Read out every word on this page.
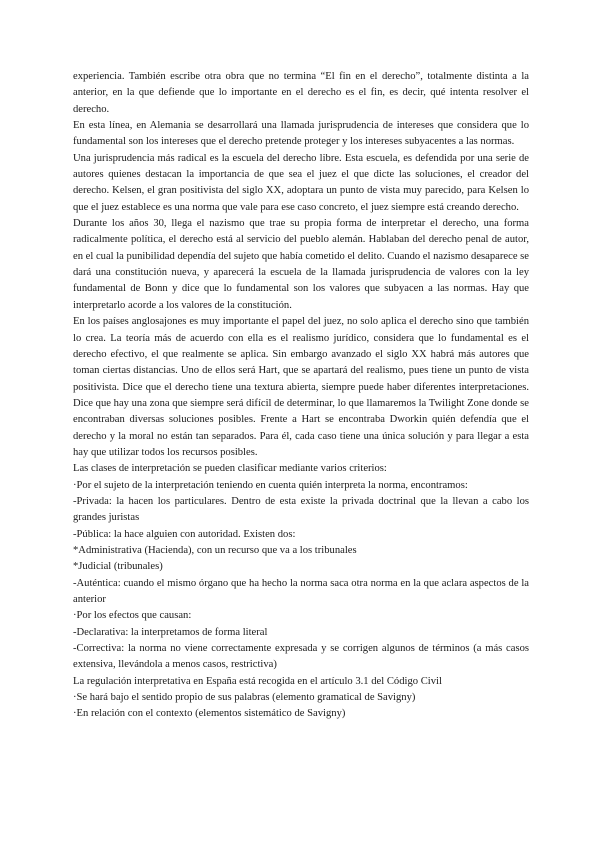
experiencia. También escribe otra obra que no termina “El fin en el derecho”, totalmente distinta a la anterior, en la que defiende que lo importante en el derecho es el fin, es decir, qué intenta resolver el derecho.

En esta línea, en Alemania se desarrollará una llamada jurisprudencia de intereses que considera que lo fundamental son los intereses que el derecho pretende proteger y los intereses subyacentes a las normas.

Una jurisprudencia más radical es la escuela del derecho libre. Esta escuela, es defendida por una serie de autores quienes destacan la importancia de que sea el juez el que dicte las soluciones, el creador del derecho. Kelsen, el gran positivista del siglo XX, adoptara un punto de vista muy parecido, para Kelsen lo que el juez establece es una norma que vale para ese caso concreto, el juez siempre está creando derecho.

Durante los años 30, llega el nazismo que trae su propia forma de interpretar el derecho, una forma radicalmente política, el derecho está al servicio del pueblo alemán. Hablaban del derecho penal de autor, en el cual la punibilidad dependía del sujeto que había cometido el delito. Cuando el nazismo desaparece se dará una constitución nueva, y aparecerá la escuela de la llamada jurisprudencia de valores con la ley fundamental de Bonn y dice que lo fundamental son los valores que subyacen a las normas. Hay que interpretarlo acorde a los valores de la constitución.

En los países anglosajones es muy importante el papel del juez, no solo aplica el derecho sino que también lo crea. La teoría más de acuerdo con ella es el realismo jurídico, considera que lo fundamental es el derecho efectivo, el que realmente se aplica. Sin embargo avanzado el siglo XX habrá más autores que toman ciertas distancias. Uno de ellos será Hart, que se apartará del realismo, pues tiene un punto de vista positivista. Dice que el derecho tiene una textura abierta, siempre puede haber diferentes interpretaciones. Dice que hay una zona que siempre será difícil de determinar, lo que llamaremos la Twilight Zone donde se encontraban diversas soluciones posibles. Frente a Hart se encontraba Dworkin quién defendía que el derecho y la moral no están tan separados. Para él, cada caso tiene una única solución y para llegar a esta hay que utilizar todos los recursos posibles.

Las clases de interpretación se pueden clasificar mediante varios criterios:

·Por el sujeto de la interpretación teniendo en cuenta quién interpreta la norma, encontramos:

-Privada: la hacen los particulares. Dentro de esta existe la privada doctrinal que la llevan a cabo los grandes juristas

-Pública: la hace alguien con autoridad. Existen dos:

*Administrativa (Hacienda), con un recurso que va a los tribunales

*Judicial (tribunales)

-Auténtica: cuando el mismo órgano que ha hecho la norma saca otra norma en la que aclara aspectos de la anterior

·Por los efectos que causan:

-Declarativa: la interpretamos de forma literal

-Correctiva: la norma no viene correctamente expresada y se corrigen algunos de términos (a más casos extensiva, llevándola a menos casos, restrictiva)

La regulación interpretativa en España está recogida en el artículo 3.1 del Código Civil

·Se hará bajo el sentido propio de sus palabras (elemento gramatical de Savigny)

·En relación con el contexto (elementos sistemático de Savigny)
